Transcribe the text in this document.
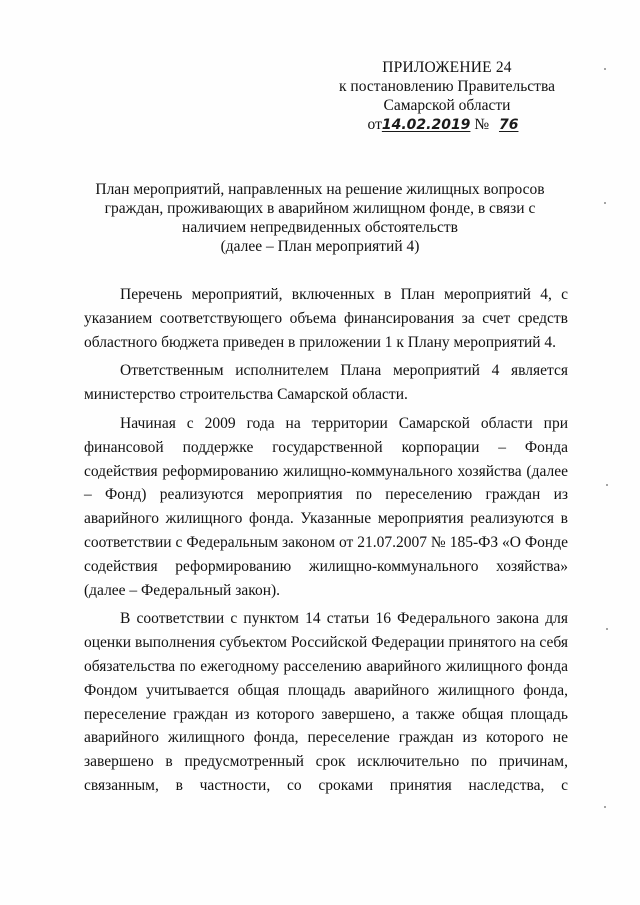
ПРИЛОЖЕНИЕ 24
к постановлению Правительства
Самарской области
от14.02.2019 № 76
План мероприятий, направленных на решение жилищных вопросов
граждан, проживающих в аварийном жилищном фонде, в связи с
наличием непредвиденных обстоятельств
(далее – План мероприятий 4)

Перечень мероприятий, включенных в План мероприятий 4, с указанием соответствующего объема финансирования за счет средств областного бюджета приведен в приложении 1 к Плану мероприятий 4.

Ответственным исполнителем Плана мероприятий 4 является министерство строительства Самарской области.

Начиная с 2009 года на территории Самарской области при финансовой поддержке государственной корпорации – Фонда содействия реформированию жилищно-коммунального хозяйства (далее – Фонд) реализуются мероприятия по переселению граждан из аварийного жилищного фонда. Указанные мероприятия реализуются в соответствии с Федеральным законом от 21.07.2007 № 185-ФЗ «О Фонде содействия реформированию жилищно-коммунального хозяйства» (далее – Федеральный закон).

В соответствии с пунктом 14 статьи 16 Федерального закона для оценки выполнения субъектом Российской Федерации принятого на себя обязательства по ежегодному расселению аварийного жилищного фонда Фондом учитывается общая площадь аварийного жилищного фонда, переселение граждан из которого завершено, а также общая площадь аварийного жилищного фонда, переселение граждан из которого не завершено в предусмотренный срок исключительно по причинам, связанным, в частности, со сроками принятия наследства, с
